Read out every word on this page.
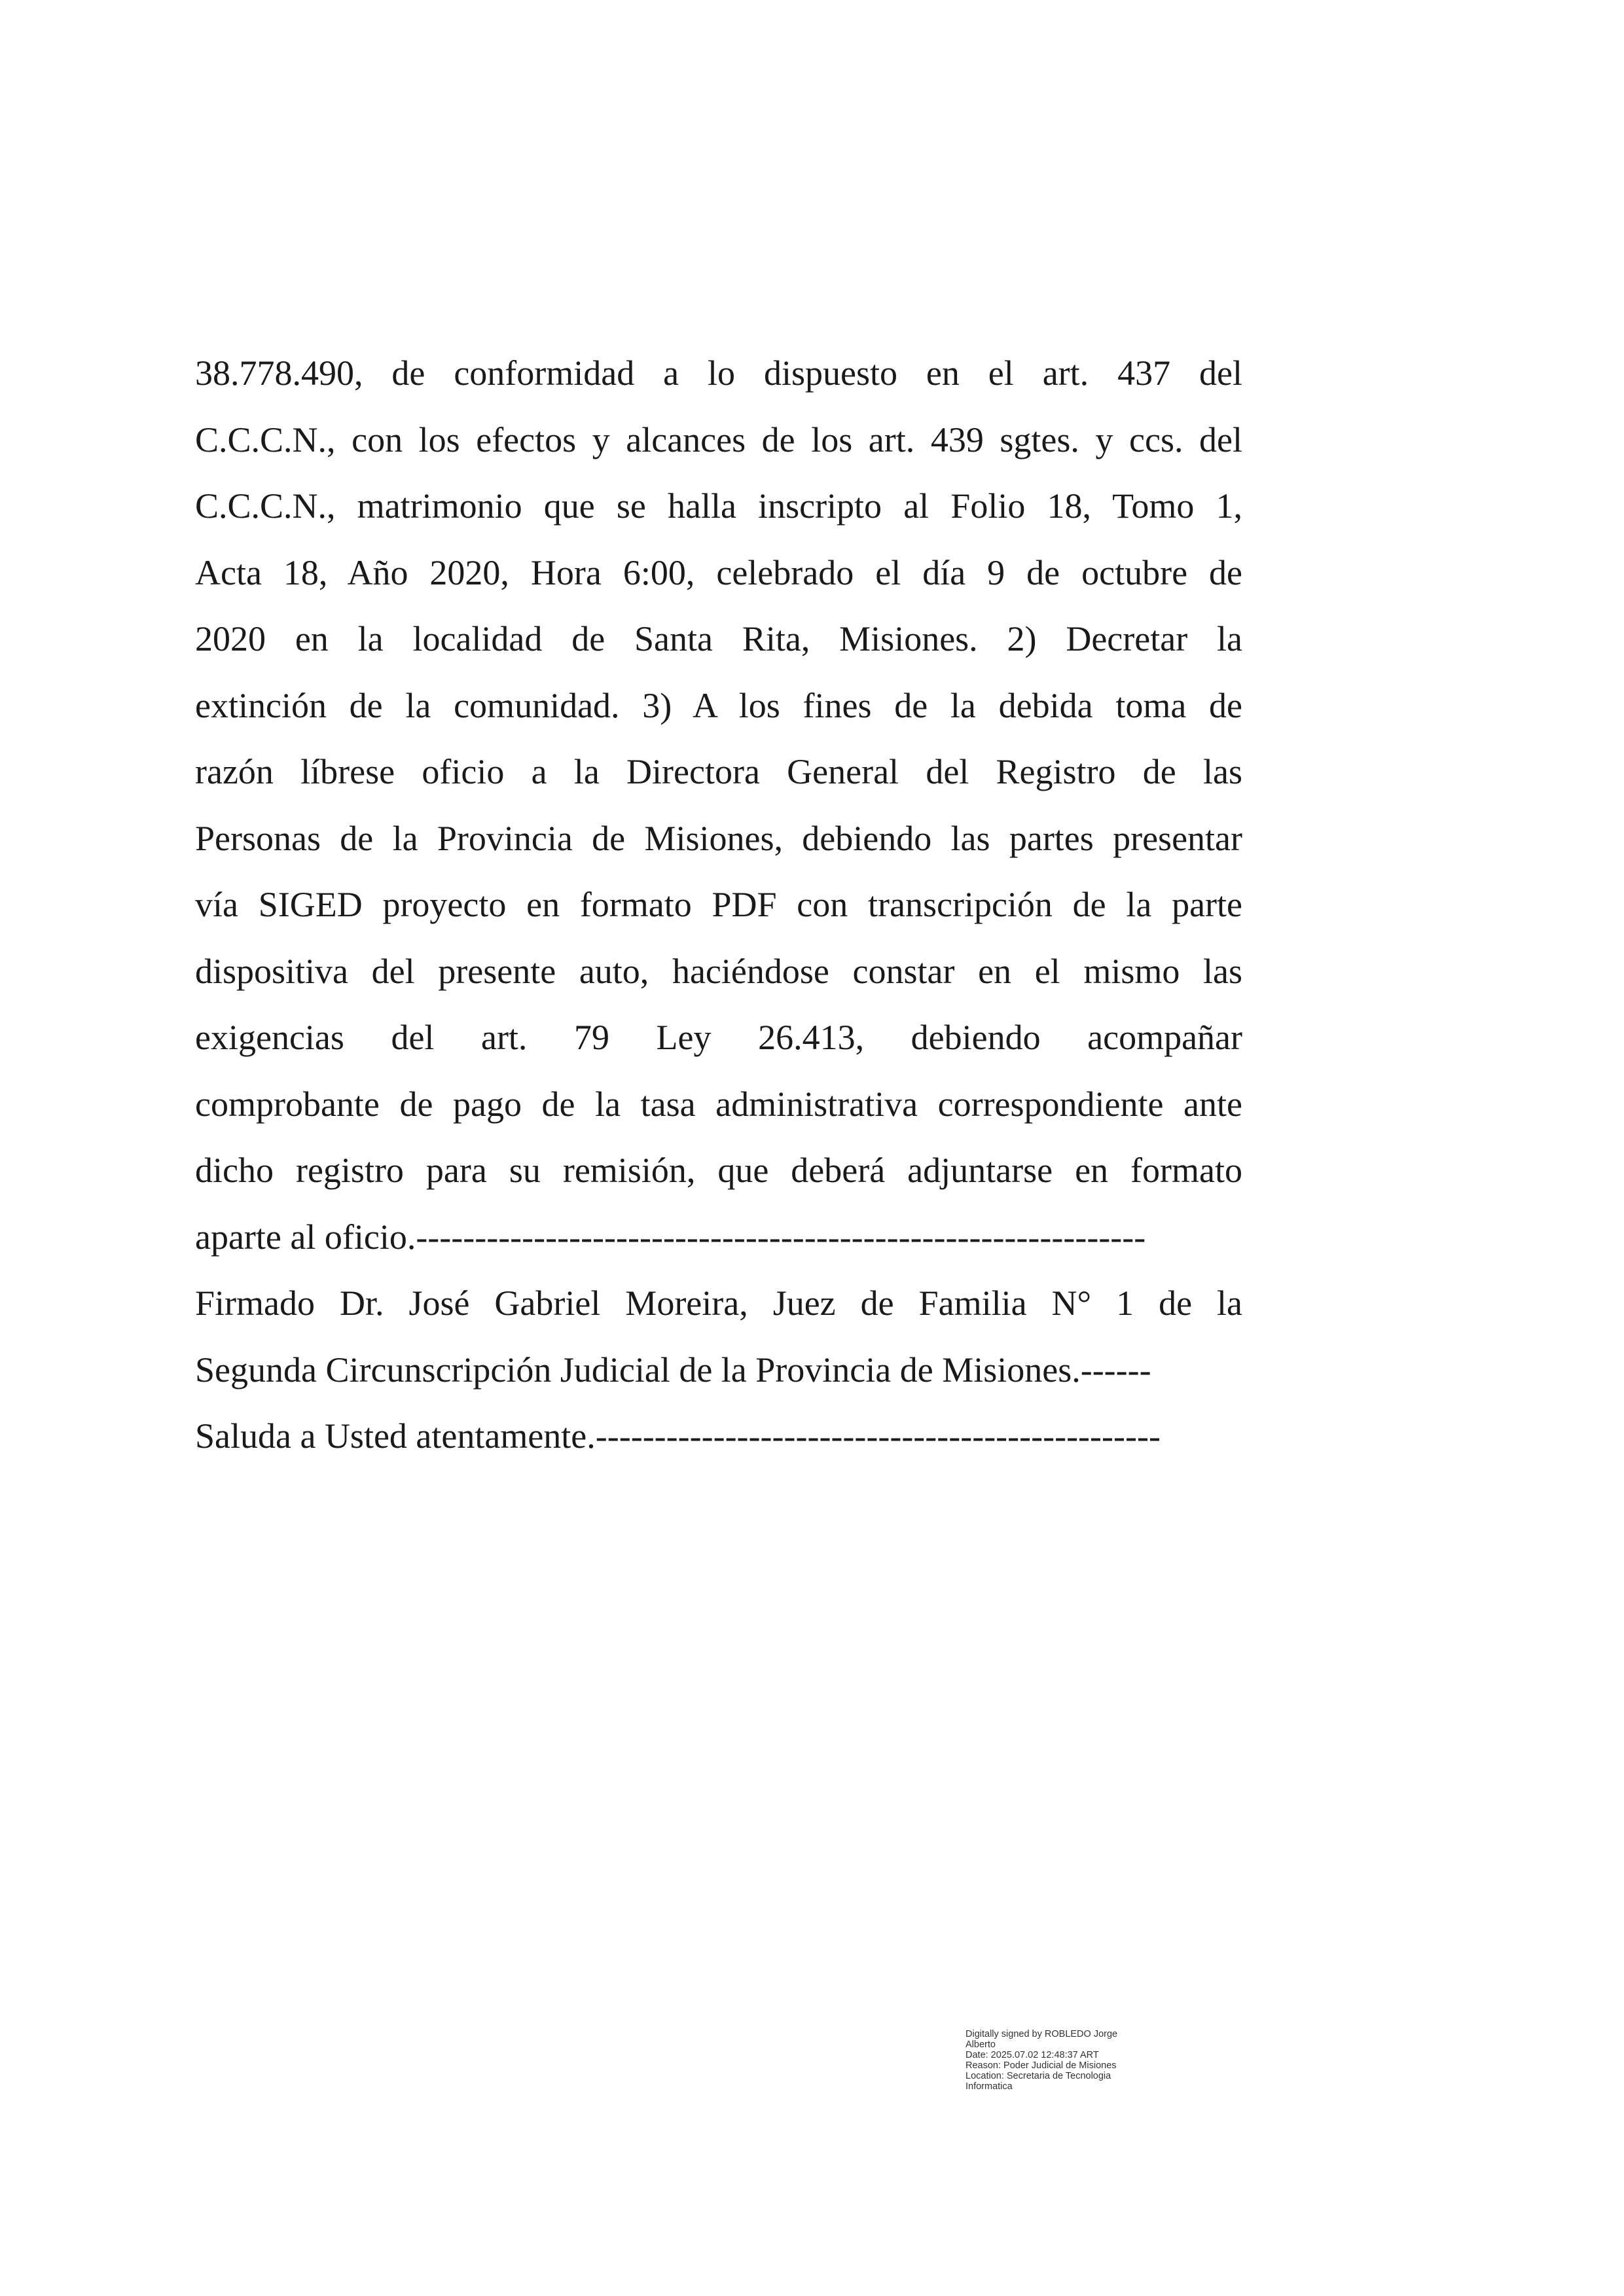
38.778.490, de conformidad a lo dispuesto en el art. 437 del
C.C.C.N., con los efectos y alcances de los art. 439 sgtes. y ccs. del
C.C.C.N., matrimonio que se halla inscripto al Folio 18, Tomo 1,
Acta 18, Año 2020, Hora 6:00, celebrado el día 9 de octubre de
2020 en la localidad de Santa Rita, Misiones. 2) Decretar la
extinción de la comunidad. 3) A los fines de la debida toma de
razón líbrese oficio a la Directora General del Registro de las
Personas de la Provincia de Misiones, debiendo las partes presentar
vía SIGED proyecto en formato PDF con transcripción de la parte
dispositiva del presente auto, haciéndose constar en el mismo las
exigencias del art. 79 Ley 26.413, debiendo acompañar
comprobante de pago de la tasa administrativa correspondiente ante
dicho registro para su remisión, que deberá adjuntarse en formato
aparte al oficio.--------------------------------------------------------------
Firmado Dr. José Gabriel Moreira, Juez de Familia N° 1 de la
Segunda Circunscripción Judicial de la Provincia de Misiones.------
Saluda a Usted atentamente.------------------------------------------------
Digitally signed by ROBLEDO Jorge
Alberto
Date: 2025.07.02 12:48:37 ART
Reason: Poder Judicial de Misiones
Location: Secretaria de Tecnologia
Informatica
